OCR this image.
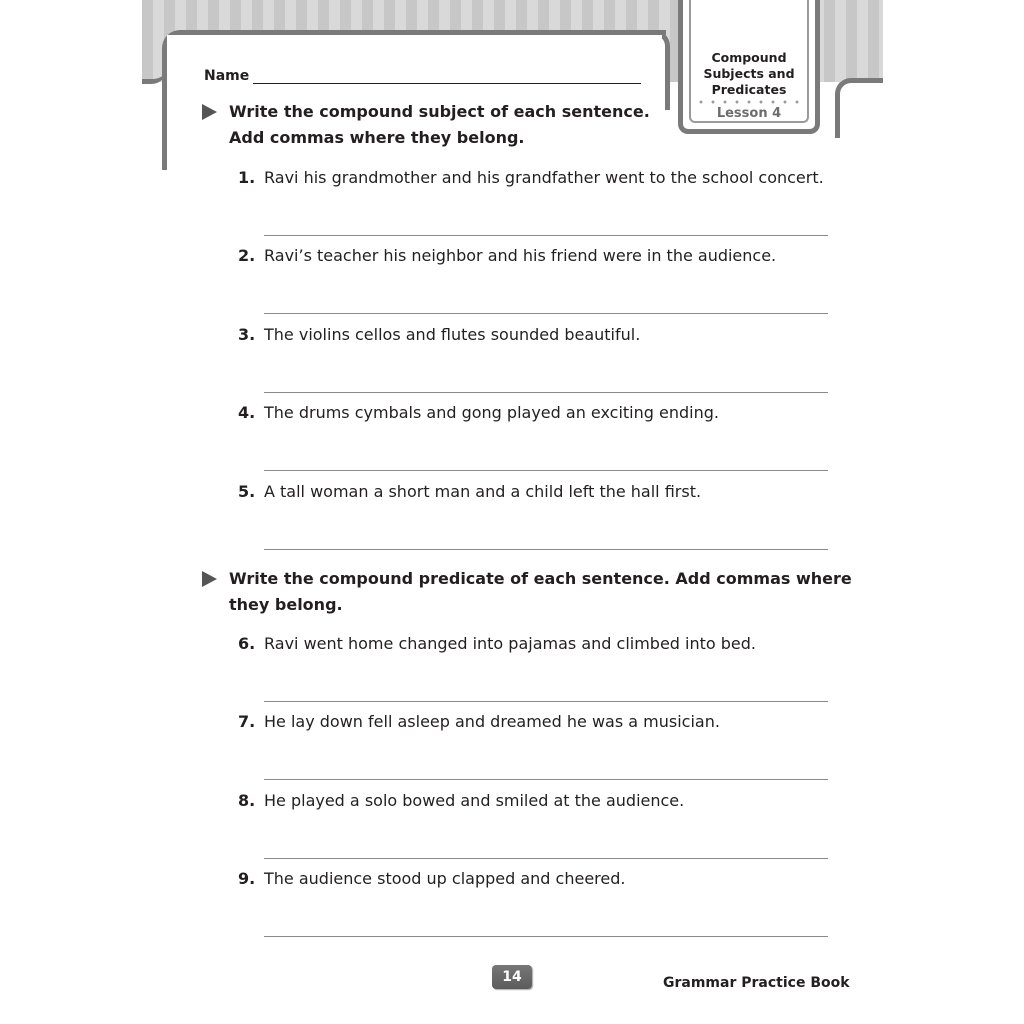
Compound
Subjects and
Predicates
Lesson 4
Name
Write the compound subject of each sentence.
Add commas where they belong.
1. Ravi his grandmother and his grandfather went to the school concert.
2. Ravi’s teacher his neighbor and his friend were in the audience.
3. The violins cellos and flutes sounded beautiful.
4. The drums cymbals and gong played an exciting ending.
5. A tall woman a short man and a child left the hall first.
Write the compound predicate of each sentence. Add commas where
they belong.
6. Ravi went home changed into pajamas and climbed into bed.
7. He lay down fell asleep and dreamed he was a musician.
8. He played a solo bowed and smiled at the audience.
9. The audience stood up clapped and cheered.
14	Grammar Practice Book
